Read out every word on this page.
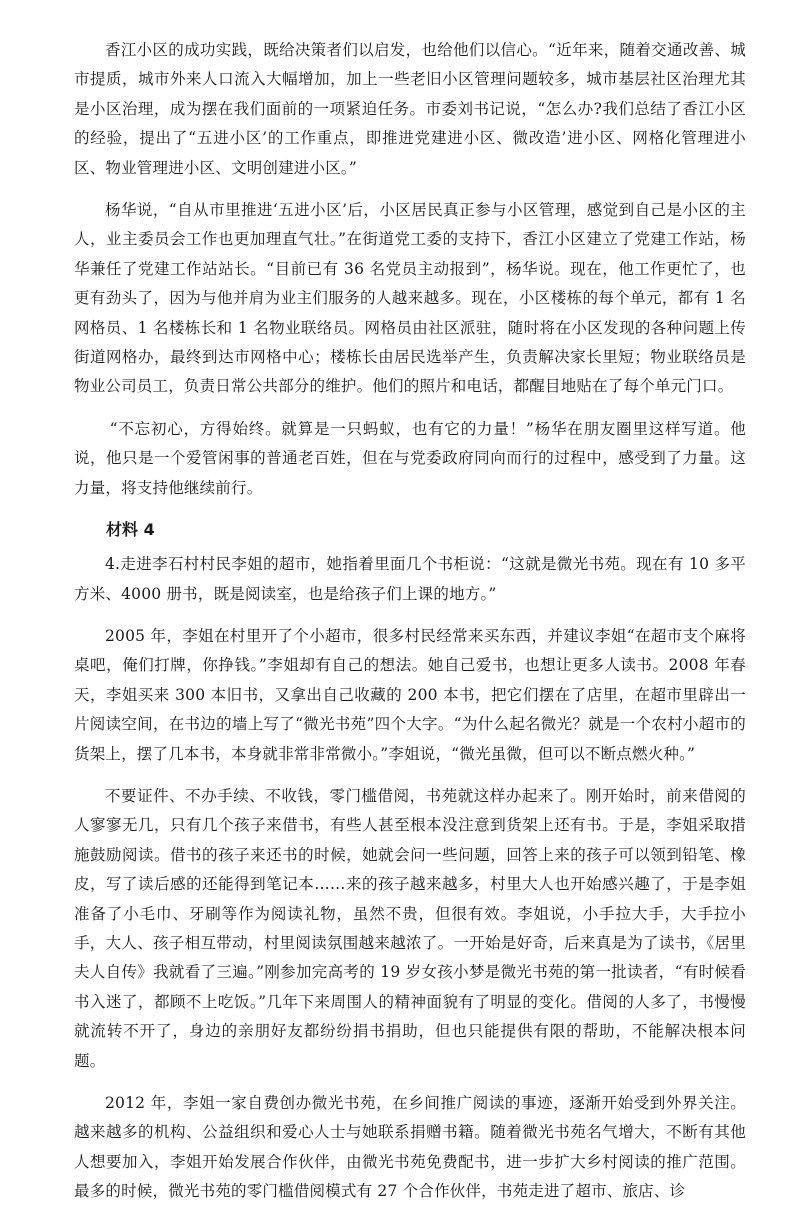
香江小区的成功实践，既给决策者们以启发，也给他们以信心。“近年来，随着交通改善、城市提质，城市外来人口流入大幅增加，加上一些老旧小区管理问题较多，城市基层社区治理尤其是小区治理，成为摆在我们面前的一项紧迫任务。市委刘书记说，“怎么办?我们总结了香江小区的经验，提出了“五进小区’的工作重点，即推进党建进小区、微改造’进小区、网格化管理进小区、物业管理进小区、文明创建进小区。”

杨华说，“自从市里推进‘五进小区’后，小区居民真正参与小区管理，感觉到自己是小区的主人，业主委员会工作也更加理直气壮。”在街道党工委的支持下，香江小区建立了党建工作站，杨华兼任了党建工作站站长。“目前已有 36 名党员主动报到”，杨华说。现在，他工作更忙了，也更有劲头了，因为与他并肩为业主们服务的人越来越多。现在，小区楼栋的每个单元，都有 1 名网格员、1 名楼栋长和 1 名物业联络员。网格员由社区派驻，随时将在小区发现的各种问题上传街道网格办，最终到达市网格中心；楼栋长由居民选举产生，负责解决家长里短；物业联络员是物业公司员工，负责日常公共部分的维护。他们的照片和电话，都醒目地贴在了每个单元门口。

“不忘初心，方得始终。就算是一只蚂蚁，也有它的力量！”杨华在朋友圈里这样写道。他说，他只是一个爱管闲事的普通老百姓，但在与党委政府同向而行的过程中，感受到了力量。这力量，将支持他继续前行。

材料 4

4.走进李石村村民李姐的超市，她指着里面几个书柜说：“这就是微光书苑。现在有 10 多平方米、4000 册书，既是阅读室，也是给孩子们上课的地方。”

2005 年，李姐在村里开了个小超市，很多村民经常来买东西，并建议李姐“在超市支个麻将桌吧，俺们打牌，你挣钱。”李姐却有自己的想法。她自己爱书，也想让更多人读书。2008 年春天，李姐买来 300 本旧书，又拿出自己收藏的 200 本书，把它们摆在了店里，在超市里辟出一片阅读空间，在书边的墙上写了“微光书苑”四个大字。“为什么起名微光？就是一个农村小超市的货架上，摆了几本书，本身就非常非常微小。”李姐说，“微光虽微，但可以不断点燃火种。”

不要证件、不办手续、不收钱，零门槛借阅，书苑就这样办起来了。刚开始时，前来借阅的人寥寥无几，只有几个孩子来借书，有些人甚至根本没注意到货架上还有书。于是，李姐采取措施鼓励阅读。借书的孩子来还书的时候，她就会问一些问题，回答上来的孩子可以领到铅笔、橡皮，写了读后感的还能得到笔记本……来的孩子越来越多，村里大人也开始感兴趣了，于是李姐准备了小毛巾、牙刷等作为阅读礼物，虽然不贵，但很有效。李姐说，小手拉大手，大手拉小手，大人、孩子相互带动，村里阅读氛围越来越浓了。一开始是好奇，后来真是为了读书，《居里夫人自传》我就看了三遍。”刚参加完高考的 19 岁女孩小梦是微光书苑的第一批读者，“有时候看书入迷了，都顾不上吃饭。”几年下来周围人的精神面貌有了明显的变化。借阅的人多了，书慢慢就流转不开了，身边的亲朋好友都纷纷捐书捐助，但也只能提供有限的帮助，不能解决根本问题。

2012 年，李姐一家自费创办微光书苑，在乡间推广阅读的事迹，逐渐开始受到外界关注。越来越多的机构、公益组织和爱心人士与她联系捐赠书籍。随着微光书苑名气增大，不断有其他人想要加入，李姐开始发展合作伙伴，由微光书苑免费配书，进一步扩大乡村阅读的推广范围。最多的时候，微光书苑的零门槛借阅模式有 27 个合作伙伴，书苑走进了超市、旅店、诊
